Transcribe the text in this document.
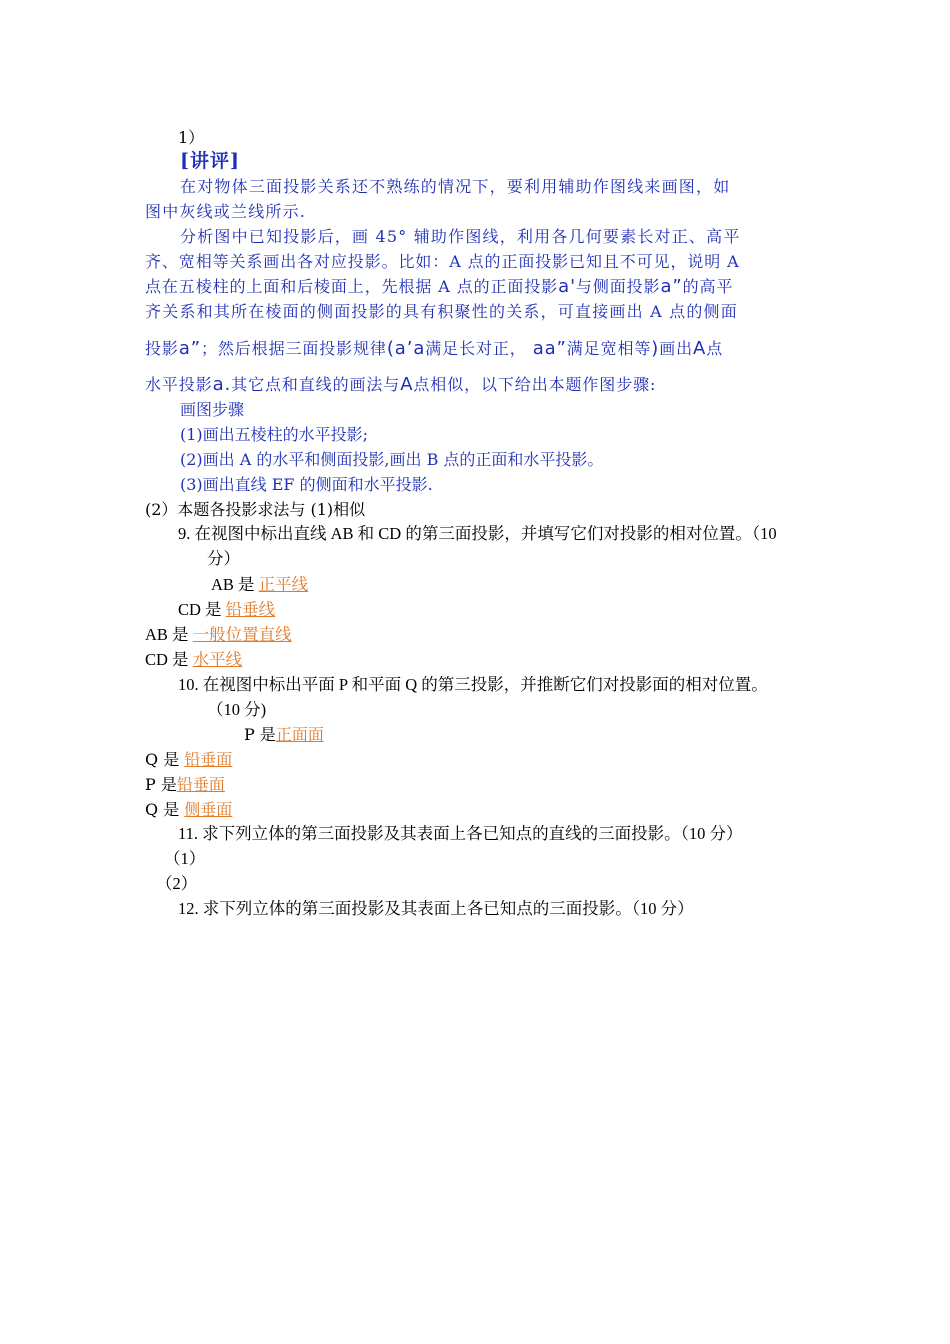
1）
[讲评]
在对物体三面投影关系还不熟练的情况下，要利用辅助作图线来画图，如
图中灰线或兰线所示.
分析图中已知投影后，画 45° 辅助作图线，利用各几何要素长对正、高平
齐、宽相等关系画出各对应投影。比如：A 点的正面投影已知且不可见，说明 A
点在五棱柱的上面和后棱面上，先根据 A 点的正面投影a'与侧面投影a”的高平
齐关系和其所在棱面的侧面投影的具有积聚性的关系，可直接画出 A 点的侧面
投影a”；然后根据三面投影规律(a’a满足长对正， aa”满足宽相等)画出A点
水平投影a.其它点和直线的画法与A点相似，以下给出本题作图步骤:
画图步骤
(1)画出五棱柱的水平投影;
(2)画出 A 的水平和侧面投影,画出 B 点的正面和水平投影。
(3)画出直线 EF 的侧面和水平投影.
(2）本题各投影求法与 (1)相似
9. 在视图中标出直线 AB 和 CD 的第三面投影，并填写它们对投影的相对位置。（10
分）
AB 是 正平线
CD 是 铅垂线
AB 是 一般位置直线
CD 是 水平线
10. 在视图中标出平面 P 和平面 Q 的第三投影，并推断它们对投影面的相对位置。
（10 分)
P 是正面面
Q 是 铅垂面
P 是铅垂面
Q 是 侧垂面
11. 求下列立体的第三面投影及其表面上各已知点的直线的三面投影。（10 分）
（1）
（2）
12. 求下列立体的第三面投影及其表面上各已知点的三面投影。（10 分）
